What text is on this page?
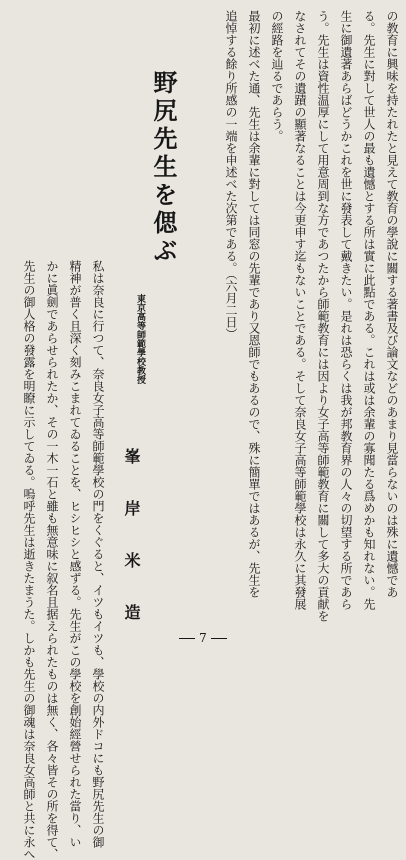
の教育に興味を持たれたと見えて教育の學說に關する著書及び論文などのあまり見當らないのは殊に遺憾であ
る。先生に對して世人の最も遺憾とする所は實に此點である。これは或は余輩の寡聞たる爲めかも知れない。先
生に御遺著あらばどうかこれを世に發表して戴きたい。是れは恐らくは我が邦教育界の人々の切望する所であら
う。先生は資性温厚にして用意周到な方であつたから師範教育には因より女子高等師範教育に關して多大の貢献を
なされてその遺蹟の顯著なることは今更申す迄もないことである。そして奈良女子高等師範學校は永久に其發展
の經路を辿るであらう。
最初に述べた通、先生は余輩に對しては同窓の先輩であり又恩師でもあるので、殊に簡單ではあるが、先生を
追悼する餘り所感の一端を申述べた次第である。（六月二日）
野尻先生を偲ぶ
東京高等師範學校教授
峯　岸　米　造
私は奈良に行つて、奈良女子高等師範學校の門をくぐると、イツもイツも、學校の内外ドコにも野尻先生の御
精神が普く且深く刻みこまれてゐることを、ヒシヒシと感ずる。先生がこの學校を創始經營せられた當り、い
かに眞劍であらせられたか、その一木一石と雖も無意味に叙名且据えられたものは無く、各々皆その所を得て、
先生の御人格の發露を明瞭に示してゐる。嗚呼先生は逝きたまうた。しかも先生の御魂は奈良女高師と共に永へ	7
